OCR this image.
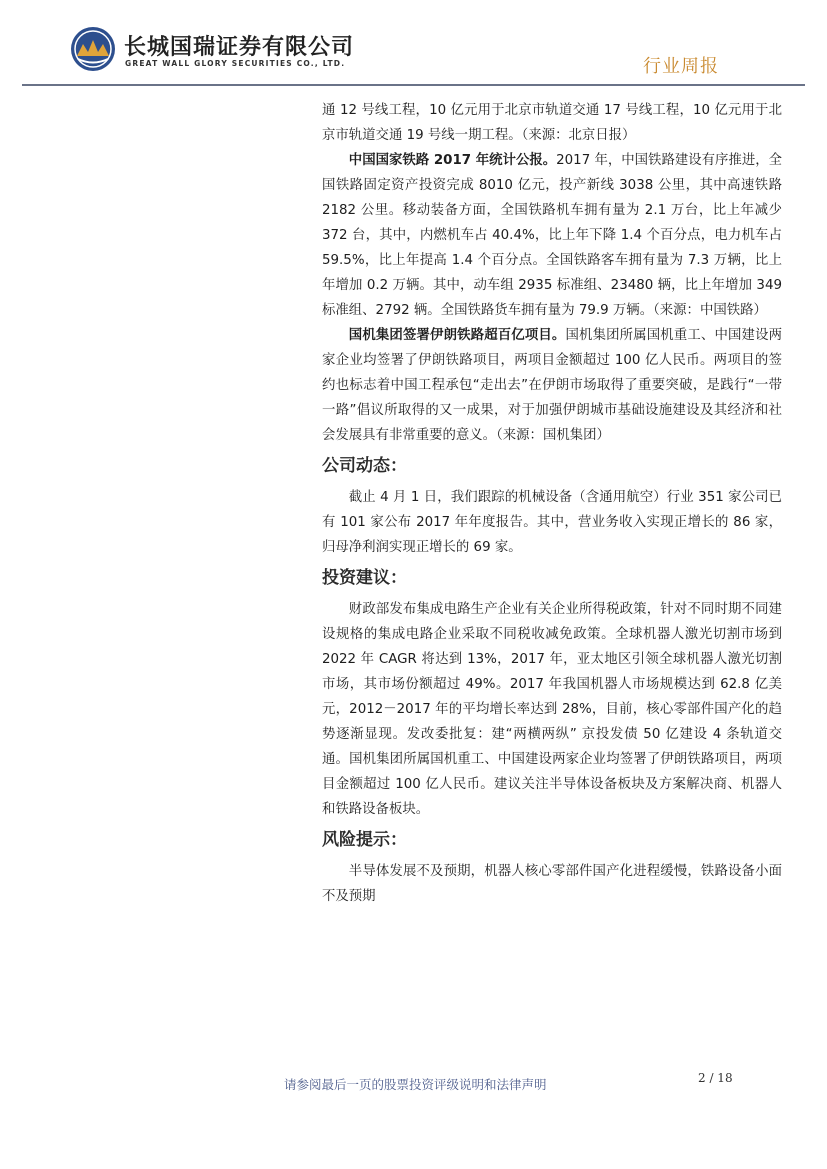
长城国瑞证券有限公司
GREAT WALL GLORY SECURITIES CO., LTD.	行业周报

通 12 号线工程，10 亿元用于北京市轨道交通 17 号线工程，10 亿元用于北京市轨道交通 19 号线一期工程。（来源：北京日报）

中国国家铁路 2017 年统计公报。2017 年，中国铁路建设有序推进，全国铁路固定资产投资完成 8010 亿元，投产新线 3038 公里，其中高速铁路 2182 公里。移动装备方面，全国铁路机车拥有量为 2.1 万台，比上年减少 372 台，其中，内燃机车占 40.4%，比上年下降 1.4 个百分点，电力机车占 59.5%，比上年提高 1.4 个百分点。全国铁路客车拥有量为 7.3 万辆，比上年增加 0.2 万辆。其中，动车组 2935 标准组、23480 辆，比上年增加 349 标准组、2792 辆。全国铁路货车拥有量为 79.9 万辆。（来源：中国铁路）

国机集团签署伊朗铁路超百亿项目。国机集团所属国机重工、中国建设两家企业均签署了伊朗铁路项目，两项目金额超过 100 亿人民币。两项目的签约也标志着中国工程承包“走出去”在伊朗市场取得了重要突破，是践行“一带一路”倡议所取得的又一成果，对于加强伊朗城市基础设施建设及其经济和社会发展具有非常重要的意义。（来源：国机集团）

公司动态：

截止 4 月 1 日，我们跟踪的机械设备（含通用航空）行业 351 家公司已有 101 家公布 2017 年年度报告。其中，营业务收入实现正增长的 86 家，归母净利润实现正增长的 69 家。

投资建议：

财政部发布集成电路生产企业有关企业所得税政策，针对不同时期不同建设规格的集成电路企业采取不同税收减免政策。全球机器人激光切割市场到 2022 年 CAGR 将达到 13%，2017 年，亚太地区引领全球机器人激光切割市场，其市场份额超过 49%。2017 年我国机器人市场规模达到 62.8 亿美元，2012－2017 年的平均增长率达到 28%，目前，核心零部件国产化的趋势逐渐显现。发改委批复：建“两横两纵” 京投发债 50 亿建设 4 条轨道交通。国机集团所属国机重工、中国建设两家企业均签署了伊朗铁路项目，两项目金额超过 100 亿人民币。建议关注半导体设备板块及方案解决商、机器人和铁路设备板块。

风险提示：

半导体发展不及预期，机器人核心零部件国产化进程缓慢，铁路设备小面不及预期

请参阅最后一页的股票投资评级说明和法律声明	2 / 18
